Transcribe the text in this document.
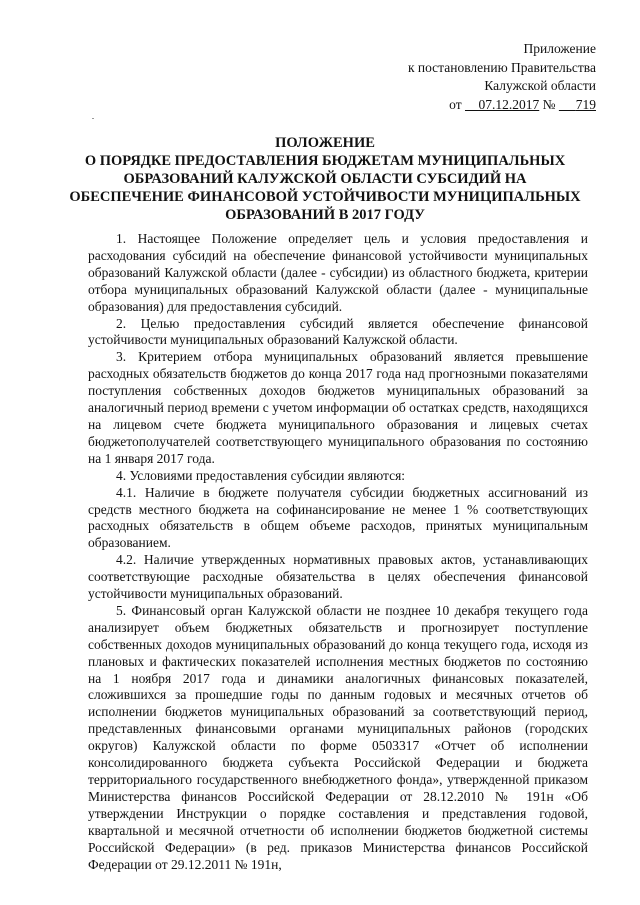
Приложение
к постановлению Правительства
Калужской области
от 07.12.2017 № 719
ПОЛОЖЕНИЕ
О ПОРЯДКЕ ПРЕДОСТАВЛЕНИЯ БЮДЖЕТАМ МУНИЦИПАЛЬНЫХ
ОБРАЗОВАНИЙ КАЛУЖСКОЙ ОБЛАСТИ СУБСИДИЙ НА
ОБЕСПЕЧЕНИЕ ФИНАНСОВОЙ УСТОЙЧИВОСТИ МУНИЦИПАЛЬНЫХ
ОБРАЗОВАНИЙ В 2017 ГОДУ

1. Настоящее Положение определяет цель и условия предоставления и расходования субсидий на обеспечение финансовой устойчивости муниципальных образований Калужской области (далее - субсидии) из областного бюджета, критерии отбора муниципальных образований Калужской области (далее - муниципальные образования) для предоставления субсидий.

2. Целью предоставления субсидий является обеспечение финансовой устойчивости муниципальных образований Калужской области.

3. Критерием отбора муниципальных образований является превышение расходных обязательств бюджетов до конца 2017 года над прогнозными показателями поступления собственных доходов бюджетов муниципальных образований за аналогичный период времени с учетом информации об остатках средств, находящихся на лицевом счете бюджета муниципального образования и лицевых счетах бюджетополучателей соответствующего муниципального образования по состоянию на 1 января 2017 года.

4. Условиями предоставления субсидии являются:

4.1. Наличие в бюджете получателя субсидии бюджетных ассигнований из средств местного бюджета на софинансирование не менее 1 % соответствующих расходных обязательств в общем объеме расходов, принятых муниципальным образованием.

4.2. Наличие утвержденных нормативных правовых актов, устанавливающих соответствующие расходные обязательства в целях обеспечения финансовой устойчивости муниципальных образований.

5. Финансовый орган Калужской области не позднее 10 декабря текущего года анализирует объем бюджетных обязательств и прогнозирует поступление собственных доходов муниципальных образований до конца текущего года, исходя из плановых и фактических показателей исполнения местных бюджетов по состоянию на 1 ноября 2017 года и динамики аналогичных финансовых показателей, сложившихся за прошедшие годы по данным годовых и месячных отчетов об исполнении бюджетов муниципальных образований за соответствующий период, представленных финансовыми органами муниципальных районов (городских округов) Калужской области по форме 0503317 «Отчет об исполнении консолидированного бюджета субъекта Российской Федерации и бюджета территориального государственного внебюджетного фонда», утвержденной приказом Министерства финансов Российской Федерации от 28.12.2010 № 191н «Об утверждении Инструкции о порядке составления и представления годовой, квартальной и месячной отчетности об исполнении бюджетов бюджетной системы Российской Федерации» (в ред. приказов Министерства финансов Российской Федерации от 29.12.2011 № 191н,
